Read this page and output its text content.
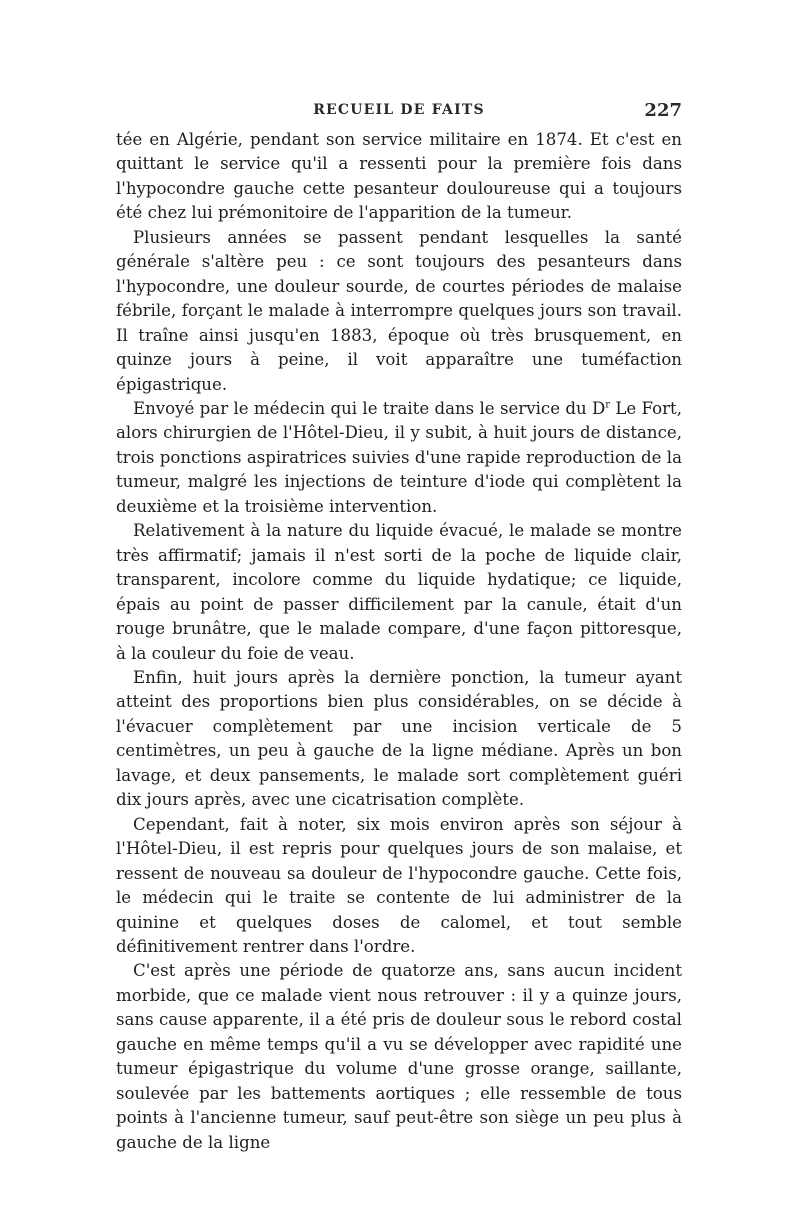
RECUEIL DE FAITS	227

tée en Algérie, pendant son service militaire en 1874. Et c'est en quittant le service qu'il a ressenti pour la première fois dans l'hypocondre gauche cette pesanteur douloureuse qui a toujours été chez lui prémonitoire de l'apparition de la tumeur.

Plusieurs années se passent pendant lesquelles la santé générale s'altère peu : ce sont toujours des pesanteurs dans l'hypocondre, une douleur sourde, de courtes périodes de malaise fébrile, forçant le malade à interrompre quelques jours son travail. Il traîne ainsi jusqu'en 1883, époque où très brusquement, en quinze jours à peine, il voit apparaître une tuméfaction épigastrique.

Envoyé par le médecin qui le traite dans le service du $D^r$ Le Fort, alors chirurgien de l'Hôtel-Dieu, il y subit, à huit jours de distance, trois ponctions aspiratrices suivies d'une rapide reproduction de la tumeur, malgré les injections de teinture d'iode qui complètent la deuxième et la troisième intervention.

Relativement à la nature du liquide évacué, le malade se montre très affirmatif; jamais il n'est sorti de la poche de liquide clair, transparent, incolore comme du liquide hydatique; ce liquide, épais au point de passer difficilement par la canule, était d'un rouge brunâtre, que le malade compare, d'une façon pittoresque, à la couleur du foie de veau.

Enfin, huit jours après la dernière ponction, la tumeur ayant atteint des proportions bien plus considérables, on se décide à l'évacuer complètement par une incision verticale de 5 centimètres, un peu à gauche de la ligne médiane. Après un bon lavage, et deux pansements, le malade sort complètement guéri dix jours après, avec une cicatrisation complète.

Cependant, fait à noter, six mois environ après son séjour à l'Hôtel-Dieu, il est repris pour quelques jours de son malaise, et ressent de nouveau sa douleur de l'hypocondre gauche. Cette fois, le médecin qui le traite se contente de lui administrer de la quinine et quelques doses de calomel, et tout semble définitivement rentrer dans l'ordre.

C'est après une période de quatorze ans, sans aucun incident morbide, que ce malade vient nous retrouver : il y a quinze jours, sans cause apparente, il a été pris de douleur sous le rebord costal gauche en même temps qu'il a vu se développer avec rapidité une tumeur épigastrique du volume d'une grosse orange, saillante, soulevée par les battements aortiques ; elle ressemble de tous points à l'ancienne tumeur, sauf peut-être son siège un peu plus à gauche de la ligne
